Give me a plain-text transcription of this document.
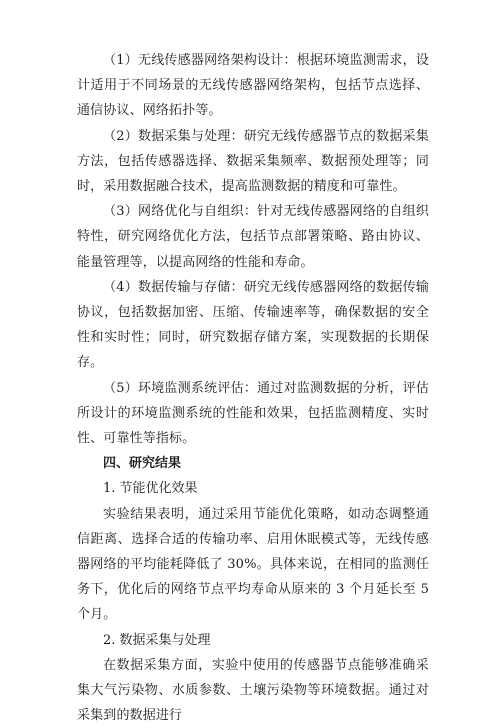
（1）无线传感器网络架构设计：根据环境监测需求，设计适用于不同场景的无线传感器网络架构，包括节点选择、通信协议、网络拓扑等。

（2）数据采集与处理：研究无线传感器节点的数据采集方法，包括传感器选择、数据采集频率、数据预处理等；同时，采用数据融合技术，提高监测数据的精度和可靠性。

（3）网络优化与自组织：针对无线传感器网络的自组织特性，研究网络优化方法，包括节点部署策略、路由协议、能量管理等，以提高网络的性能和寿命。

（4）数据传输与存储：研究无线传感器网络的数据传输协议，包括数据加密、压缩、传输速率等，确保数据的安全性和实时性；同时，研究数据存储方案，实现数据的长期保存。

（5）环境监测系统评估：通过对监测数据的分析，评估所设计的环境监测系统的性能和效果，包括监测精度、实时性、可靠性等指标。

四、研究结果

1. 节能优化效果

实验结果表明，通过采用节能优化策略，如动态调整通信距离、选择合适的传输功率、启用休眠模式等，无线传感器网络的平均能耗降低了 30%。具体来说，在相同的监测任务下，优化后的网络节点平均寿命从原来的 3 个月延长至 5 个月。

2. 数据采集与处理

在数据采集方面，实验中使用的传感器节点能够准确采集大气污染物、水质参数、土壤污染物等环境数据。通过对采集到的数据进行
